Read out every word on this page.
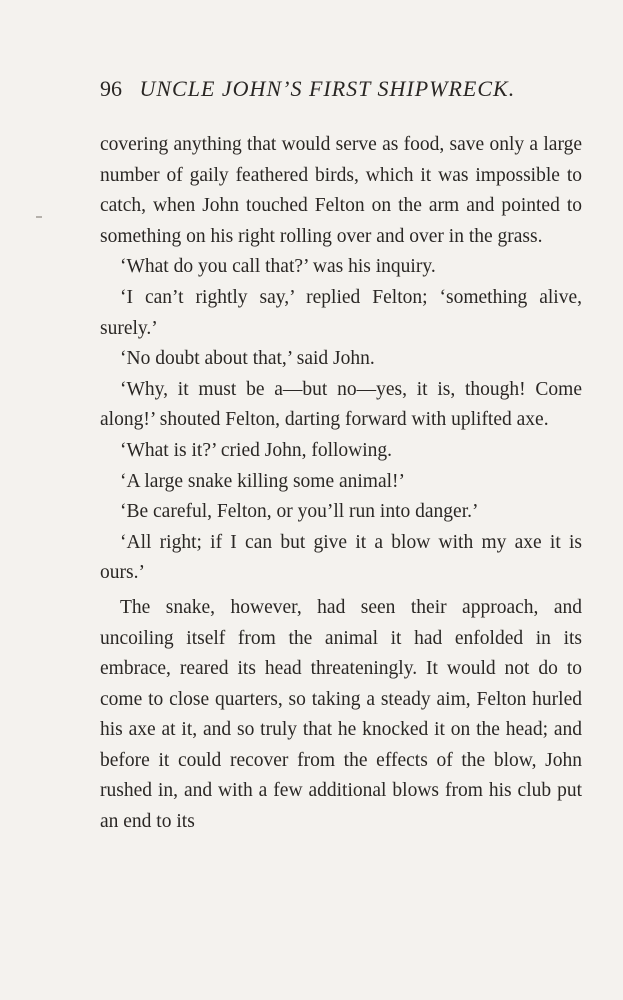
96 UNCLE JOHN’S FIRST SHIPWRECK.

covering anything that would serve as food, save only a large number of gaily feathered birds, which it was impossible to catch, when John touched Felton on the arm and pointed to something on his right rolling over and over in the grass.

‘What do you call that?’ was his inquiry.

‘I can’t rightly say,’ replied Felton; ‘something alive, surely.’

‘No doubt about that,’ said John.

‘Why, it must be a—but no—yes, it is, though! Come along!’ shouted Felton, darting forward with uplifted axe.

‘What is it?’ cried John, following.

‘A large snake killing some animal!’

‘Be careful, Felton, or you’ll run into danger.’

‘All right; if I can but give it a blow with my axe it is ours.’

The snake, however, had seen their approach, and uncoiling itself from the animal it had enfolded in its embrace, reared its head threateningly. It would not do to come to close quarters, so taking a steady aim, Felton hurled his axe at it, and so truly that he knocked it on the head; and before it could recover from the effects of the blow, John rushed in, and with a few additional blows from his club put an end to its
